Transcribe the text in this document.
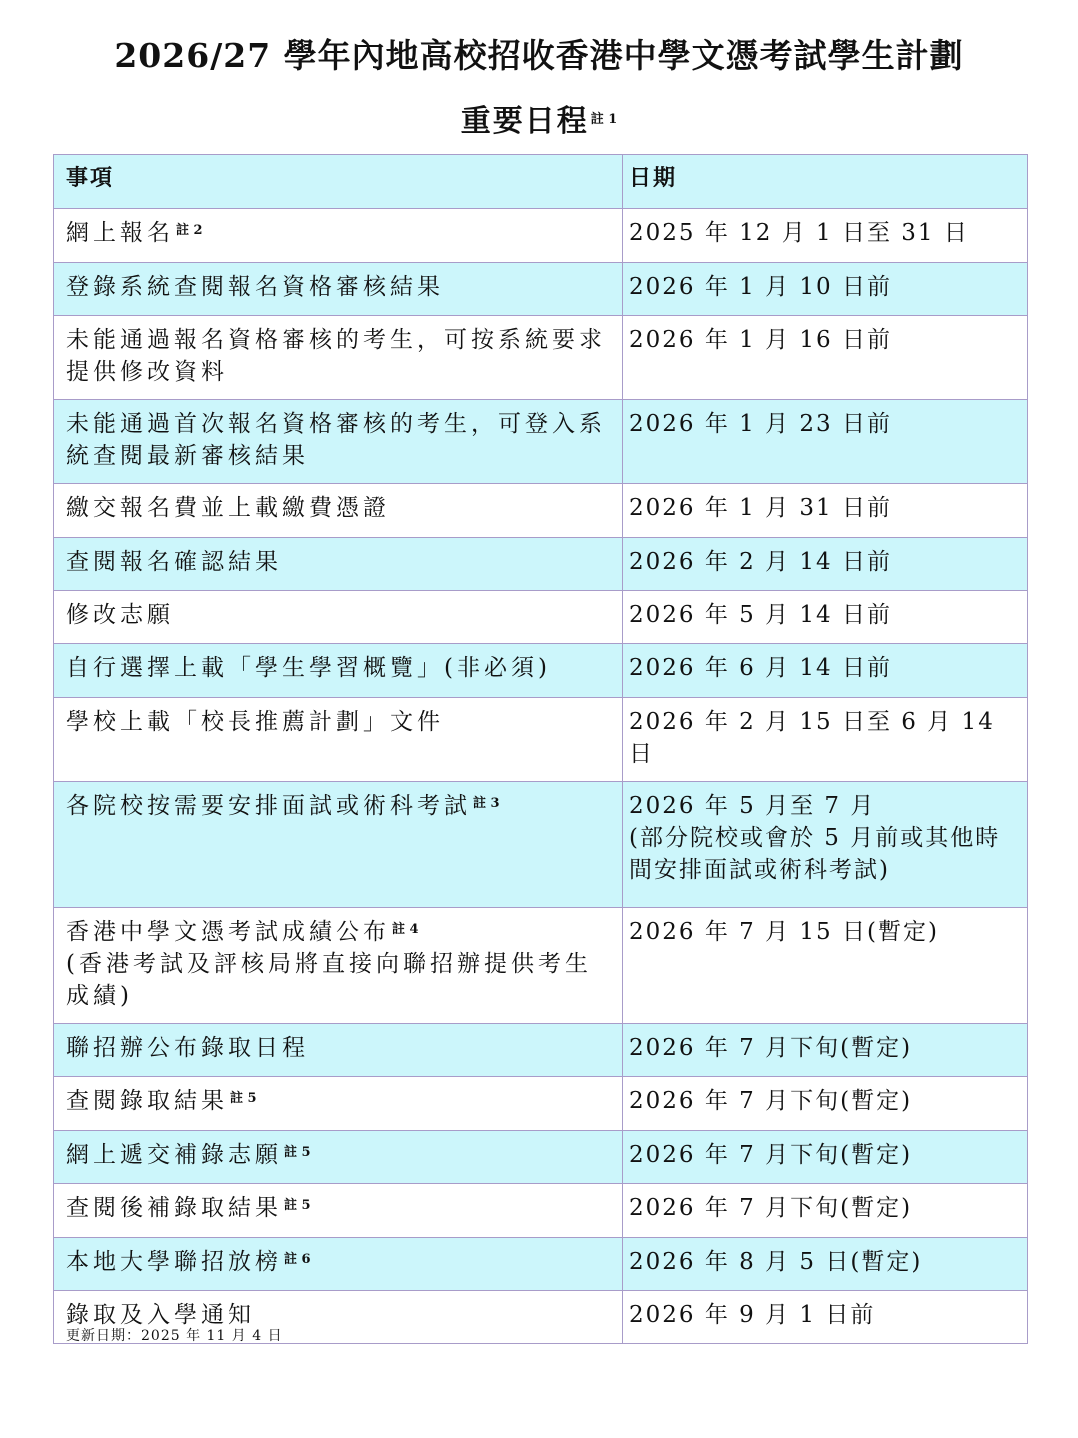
2026/27 學年內地高校招收香港中學文憑考試學生計劃
重要日程 $^{註 1}$
事項	日期
網上報名 $^{註 2}$	2025 年 12 月 1 日至 31 日
登錄系統查閱報名資格審核結果	2026 年 1 月 10 日前
未能通過報名資格審核的考生，可按系統要求提供修改資料	2026 年 1 月 16 日前
未能通過首次報名資格審核的考生，可登入系統查閱最新審核結果	2026 年 1 月 23 日前
繳交報名費並上載繳費憑證	2026 年 1 月 31 日前
查閱報名確認結果	2026 年 2 月 14 日前
修改志願	2026 年 5 月 14 日前
自行選擇上載「學生學習概覽」(非必須)	2026 年 6 月 14 日前
學校上載「校長推薦計劃」文件	2026 年 2 月 15 日至 6 月 14 日
各院校按需要安排面試或術科考試 $^{註 3}$	2026 年 5 月至 7 月
(部分院校或會於 5 月前或其他時間安排面試或術科考試)

香港中學文憑考試成績公布 $^{註 4}$
(香港考試及評核局將直接向聯招辦提供考生成績)	2026 年 7 月 15 日(暫定)
聯招辦公布錄取日程	2026 年 7 月下旬(暫定)
查閱錄取結果 $^{註 5}$	2026 年 7 月下旬(暫定)
網上遞交補錄志願 $^{註 5}$	2026 年 7 月下旬(暫定)
查閱後補錄取結果 $^{註 5}$	2026 年 7 月下旬(暫定)
本地大學聯招放榜 $^{註 6}$	2026 年 8 月 5 日(暫定)
錄取及入學通知	2026 年 9 月 1 日前
更新日期：2025 年 11 月 4 日
